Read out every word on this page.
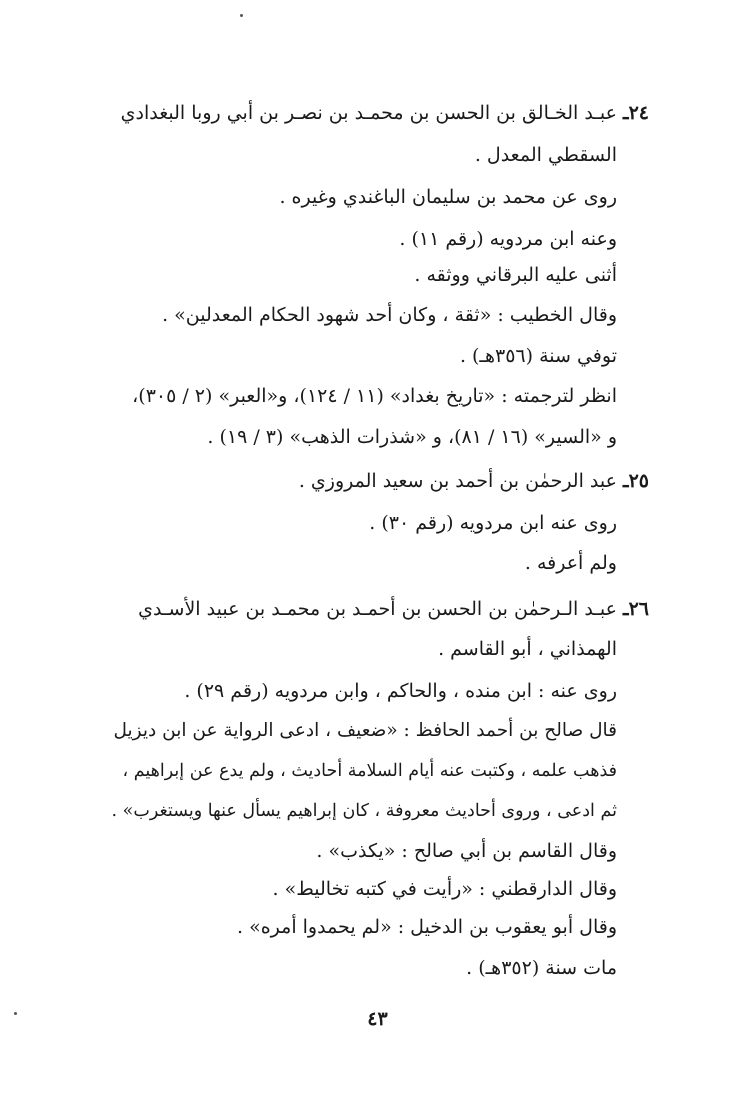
٢٤ـ عبـد الخـالق بن الحسن بن محمـد بن نصـر بن أبي روبا البغدادي
السقطي المعدل .
روى عن محمد بن سليمان الباغندي وغيره .
وعنه ابن مردويه (رقم ١١) .
أثنى عليه البرقاني ووثقه .
وقال الخطيب : «ثقة ، وكان أحد شهود الحكام المعدلين» .
توفي سنة (٣٥٦هـ) .
انظر لترجمته : «تاريخ بغداد» (١١ / ١٢٤)، و«العبر» (٢ / ٣٠٥)،
و «السير» (١٦ / ٨١)، و «شذرات الذهب» (٣ / ١٩) .
٢٥ـ عبد الرحمٰن بن أحمد بن سعيد المروزي .
روى عنه ابن مردويه (رقم ٣٠) .
ولم أعرفه .
٢٦ـ عبـد الـرحمٰن بن الحسن بن أحمـد بن محمـد بن عبيد الأسـدي
الهمذاني ، أبو القاسم .
روى عنه : ابن منده ، والحاكم ، وابن مردويه (رقم ٢٩) .
قال صالح بن أحمد الحافظ : «ضعيف ، ادعى الرواية عن ابن ديزيل
فذهب علمه ، وكتبت عنه أيام السلامة أحاديث ، ولم يدع عن إبراهيم ،
ثم ادعى ، وروى أحاديث معروفة ، كان إبراهيم يسأل عنها ويستغرب» .
وقال القاسم بن أبي صالح : «يكذب» .
وقال الدارقطني : «رأيت في كتبه تخاليط» .
وقال أبو يعقوب بن الدخيل : «لم يحمدوا أمره» .
مات سنة (٣٥٢هـ) .
٤٣
